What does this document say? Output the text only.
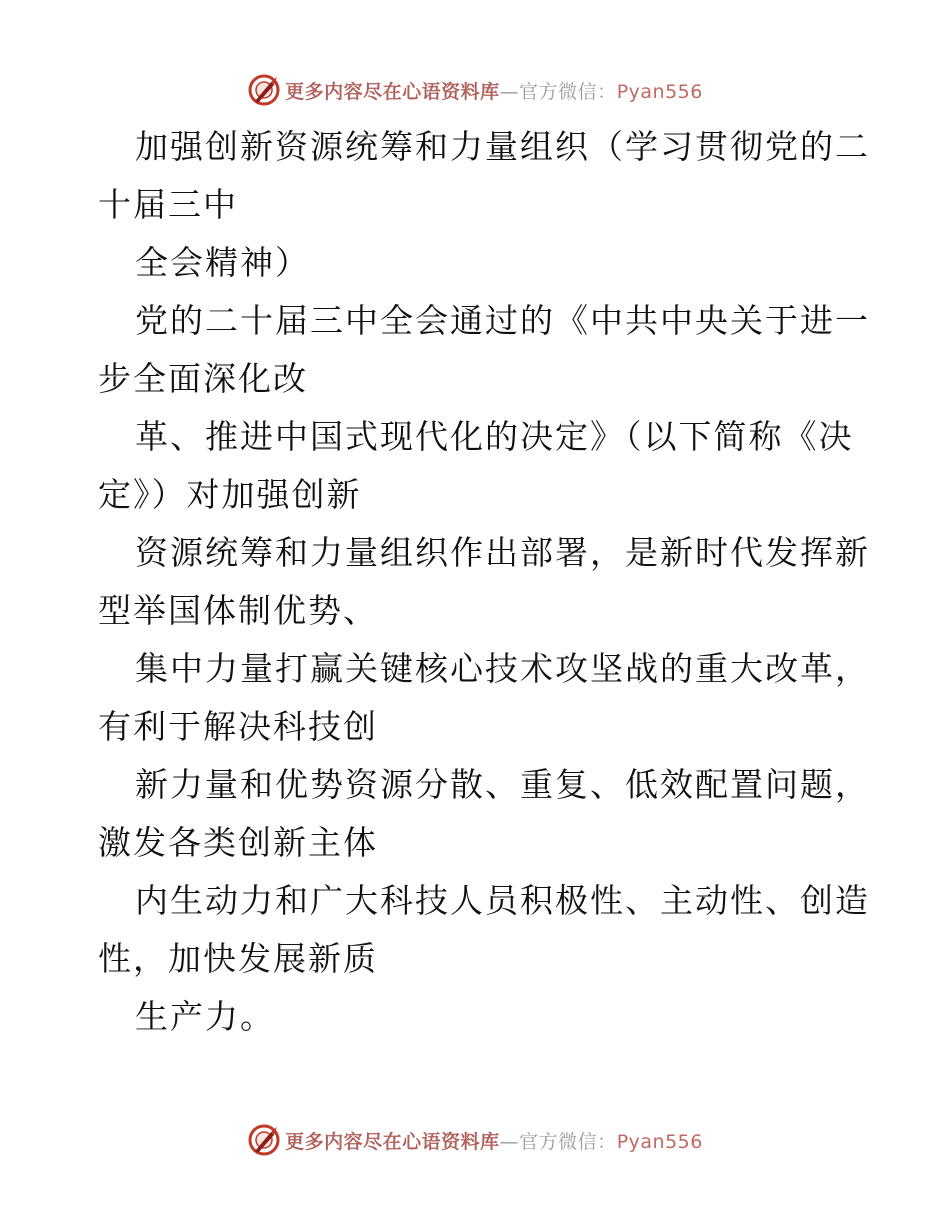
更多内容尽在心语资料库—官方微信：Pyan556
加强创新资源统筹和力量组织（学习贯彻党的二
十届三中
全会精神）
党的二十届三中全会通过的《中共中央关于进一
步全面深化改
革、推进中国式现代化的决定》（以下简称《决
定》）对加强创新
资源统筹和力量组织作出部署，是新时代发挥新
型举国体制优势、
集中力量打赢关键核心技术攻坚战的重大改革，
有利于解决科技创
新力量和优势资源分散、重复、低效配置问题，
激发各类创新主体
内生动力和广大科技人员积极性、主动性、创造
性，加快发展新质
生产力。
更多内容尽在心语资料库—官方微信：Pyan556
